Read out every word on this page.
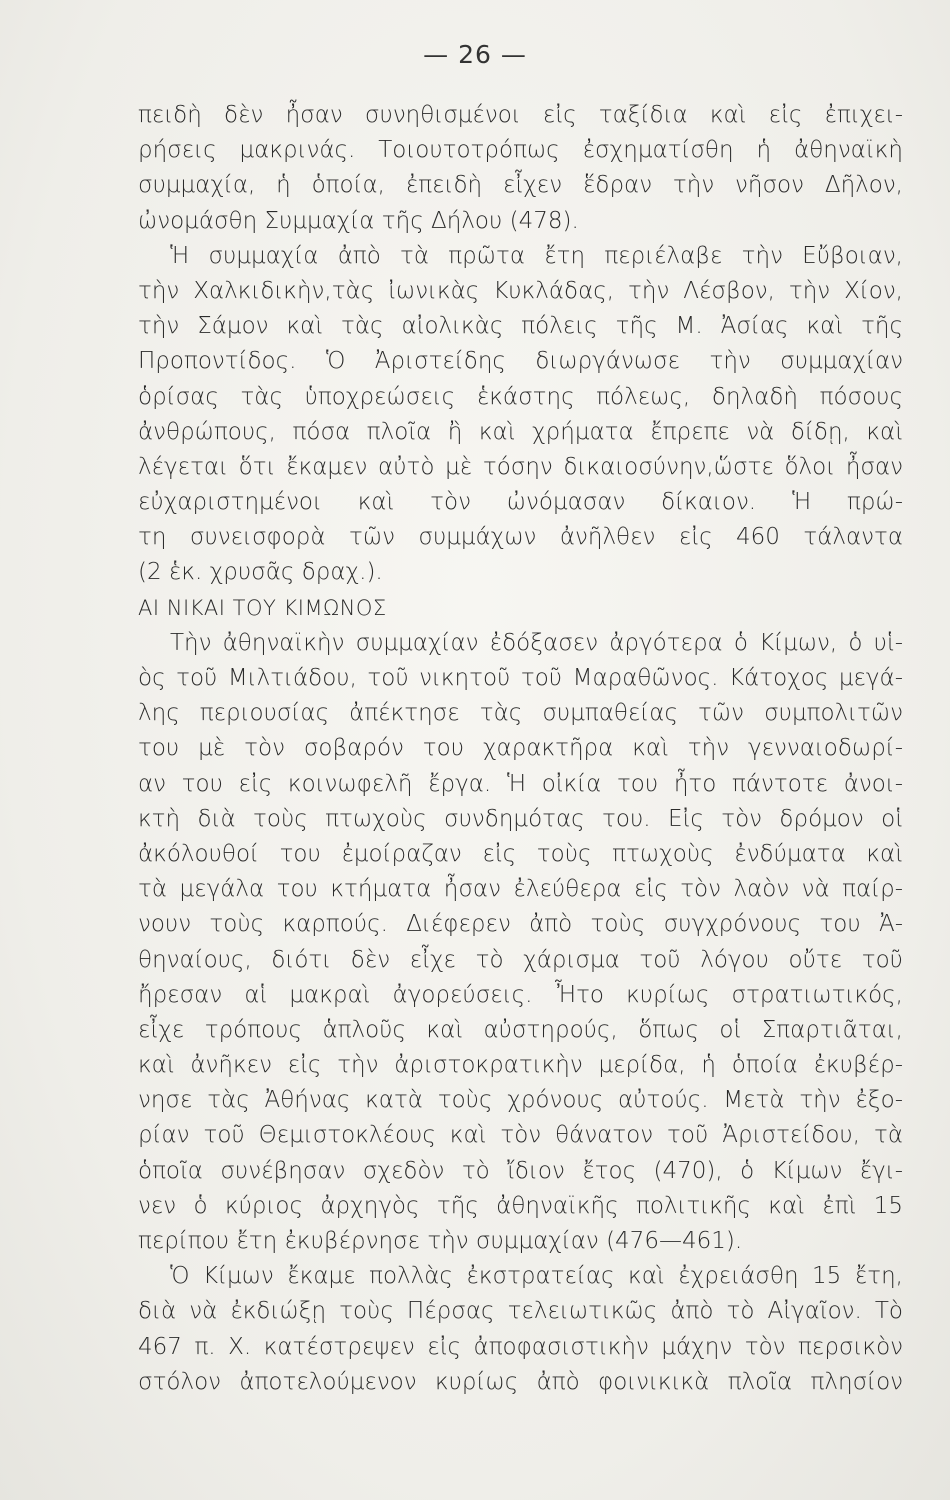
— 26 —
πειδὴ δὲν ἦσαν συνηθισμένοι εἰς ταξίδια καὶ εἰς ἐπιχει-
ρήσεις μακρινάς. Τοιουτοτρόπως ἐσχηματίσθη ἡ ἀθηναϊκὴ
συμμαχία, ἡ ὁποία, ἐπειδὴ εἶχεν ἕδραν τὴν νῆσον Δῆλον,
ὠνομάσθη Συμμαχία τῆς Δήλου (478).
Ἡ συμμαχία ἀπὸ τὰ πρῶτα ἔτη περιέλαβε τὴν Εὔβοιαν,
τὴν Χαλκιδικὴν,τὰς ἰωνικὰς Κυκλάδας, τὴν Λέσβον, τὴν Χίον,
τὴν Σάμον καὶ τὰς αἰολικὰς πόλεις τῆς Μ. Ἀσίας καὶ τῆς
Προποντίδος. Ὁ Ἀριστείδης διωργάνωσε τὴν συμμαχίαν
ὁρίσας τὰς ὑποχρεώσεις ἑκάστης πόλεως, δηλαδὴ πόσους
ἀνθρώπους, πόσα πλοῖα ἢ καὶ χρήματα ἔπρεπε νὰ δίδῃ, καὶ
λέγεται ὅτι ἔκαμεν αὐτὸ μὲ τόσην δικαιοσύνην,ὥστε ὅλοι ἦσαν
εὐχαριστημένοι καὶ τὸν ὠνόμασαν δίκαιον. Ἡ πρώ-
τη συνεισφορὰ τῶν συμμάχων ἀνῆλθεν εἰς 460 τάλαντα
(2 ἑκ. χρυσᾶς δραχ.).
ΑΙ ΝΙΚΑΙ ΤΟΥ ΚΙΜΩΝΟΣ
Τὴν ἀθηναϊκὴν συμμαχίαν ἐδόξασεν ἀργότερα ὁ Κίμων, ὁ υἱ-
ὸς τοῦ Μιλτιάδου, τοῦ νικητοῦ τοῦ Μαραθῶνος. Κάτοχος μεγά-
λης περιουσίας ἀπέκτησε τὰς συμπαθείας τῶν συμπολιτῶν
του μὲ τὸν σοβαρόν του χαρακτῆρα καὶ τὴν γενναιοδωρί-
αν του εἰς κοινωφελῆ ἔργα. Ἡ οἰκία του ἦτο πάντοτε ἀνοι-
κτὴ διὰ τοὺς πτωχοὺς συνδημότας του. Εἰς τὸν δρόμον οἱ
ἀκόλουθοί του ἐμοίραζαν εἰς τοὺς πτωχοὺς ἐνδύματα καὶ
τὰ μεγάλα του κτήματα ἦσαν ἐλεύθερα εἰς τὸν λαὸν νὰ παίρ-
νουν τοὺς καρπούς. Διέφερεν ἀπὸ τοὺς συγχρόνους του Ἀ-
θηναίους, διότι δὲν εἶχε τὸ χάρισμα τοῦ λόγου οὔτε τοῦ
ἤρεσαν αἱ μακραὶ ἀγορεύσεις. Ἦτο κυρίως στρατιωτικός,
εἶχε τρόπους ἁπλοῦς καὶ αὐστηρούς, ὅπως οἱ Σπαρτιᾶται,
καὶ ἀνῆκεν εἰς τὴν ἀριστοκρατικὴν μερίδα, ἡ ὁποία ἐκυβέρ-
νησε τὰς Ἀθήνας κατὰ τοὺς χρόνους αὐτούς. Μετὰ τὴν ἐξο-
ρίαν τοῦ Θεμιστοκλέους καὶ τὸν θάνατον τοῦ Ἀριστείδου, τὰ
ὁποῖα συνέβησαν σχεδὸν τὸ ἴδιον ἔτος (470), ὁ Κίμων ἔγι-
νεν ὁ κύριος ἀρχηγὸς τῆς ἀθηναϊκῆς πολιτικῆς καὶ ἐπὶ 15
περίπου ἔτη ἐκυβέρνησε τὴν συμμαχίαν (476—461).
Ὁ Κίμων ἔκαμε πολλὰς ἐκστρατείας καὶ ἐχρειάσθη 15 ἔτη,
διὰ νὰ ἐκδιώξῃ τοὺς Πέρσας τελειωτικῶς ἀπὸ τὸ Αἰγαῖον. Τὸ
467 π. Χ. κατέστρεψεν εἰς ἀποφασιστικὴν μάχην τὸν περσικὸν
στόλον ἀποτελούμενον κυρίως ἀπὸ φοινικικὰ πλοῖα πλησίον
